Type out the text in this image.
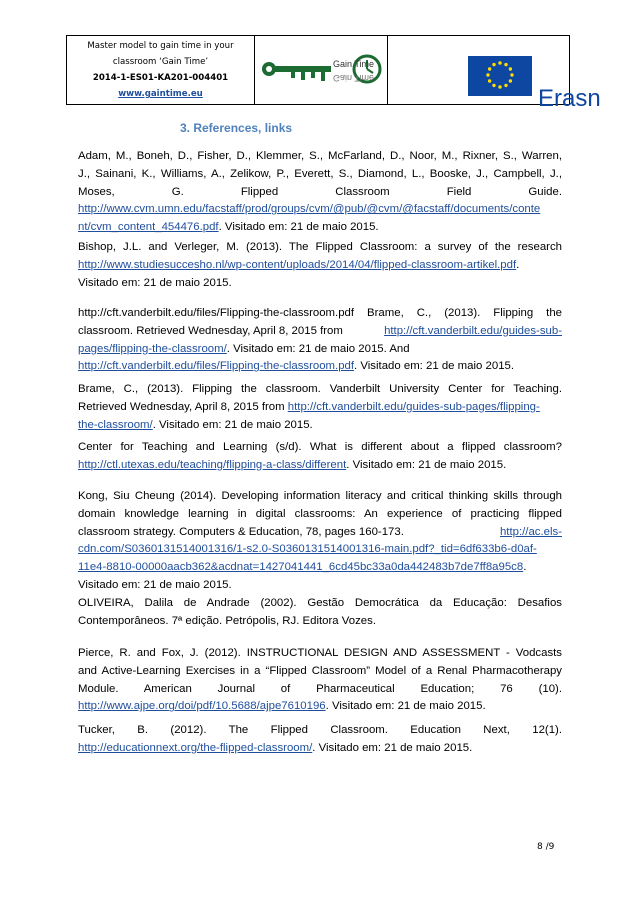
Master model to gain time in your
classroom ‘Gain Time’
2014-1-ES01-KA201-004401
www.gaintime.eu
Gain Time
Gain Time
Erasn
3. References, links
Adam, M., Boneh, D., Fisher, D., Klemmer, S., McFarland, D., Noor, M., Rixner, S., Warren,
J., Sainani, K., Williams, A., Zelikow, P., Everett, S., Diamond, L., Booske, J., Campbell, J.,
Moses, G. Flipped Classroom Field Guide.
http://www.cvm.umn.edu/facstaff/prod/groups/cvm/@pub/@cvm/@facstaff/documents/conte
nt/cvm_content_454476.pdf. Visitado em: 21 de maio 2015.
Bishop, J.L. and Verleger, M. (2013). The Flipped Classroom: a survey of the research
http://www.studiesuccesho.nl/wp-content/uploads/2014/04/flipped-classroom-artikel.pdf.
Visitado em: 21 de maio 2015.
http://cft.vanderbilt.edu/files/Flipping-the-classroom.pdf Brame, C., (2013). Flipping the
classroom. Retrieved Wednesday, April 8, 2015 from	http://cft.vanderbilt.edu/guides-sub-
pages/flipping-the-classroom/. Visitado em: 21 de maio 2015. And
http://cft.vanderbilt.edu/files/Flipping-the-classroom.pdf. Visitado em: 21 de maio 2015.
Brame, C., (2013). Flipping the classroom. Vanderbilt University Center for Teaching.
Retrieved Wednesday, April 8, 2015 from http://cft.vanderbilt.edu/guides-sub-pages/flipping-
the-classroom/. Visitado em: 21 de maio 2015.
Center for Teaching and Learning (s/d). What is different about a flipped classroom?
http://ctl.utexas.edu/teaching/flipping-a-class/different. Visitado em: 21 de maio 2015.
Kong, Siu Cheung (2014). Developing information literacy and critical thinking skills through
domain knowledge learning in digital classrooms: An experience of practicing flipped
classroom strategy. Computers & Education, 78, pages 160-173.	http://ac.els-
cdn.com/S0360131514001316/1-s2.0-S0360131514001316-main.pdf?_tid=6df633b6-d0af-
11e4-8810-00000aacb362&acdnat=1427041441_6cd45bc33a0da442483b7de7ff8a95c8.
Visitado em: 21 de maio 2015.
OLIVEIRA, Dalila de Andrade (2002). Gestão Democrática da Educação: Desafios
Contemporâneos. 7ª edição. Petrópolis, RJ. Editora Vozes.
Pierce, R. and Fox, J. (2012). INSTRUCTIONAL DESIGN AND ASSESSMENT - Vodcasts
and Active-Learning Exercises in a “Flipped Classroom” Model of a Renal Pharmacotherapy
Module. American Journal of Pharmaceutical Education; 76 (10).
http://www.ajpe.org/doi/pdf/10.5688/ajpe7610196. Visitado em: 21 de maio 2015.
Tucker, B. (2012). The Flipped Classroom. Education Next, 12(1).
http://educationnext.org/the-flipped-classroom/. Visitado em: 21 de maio 2015.
8 /9
